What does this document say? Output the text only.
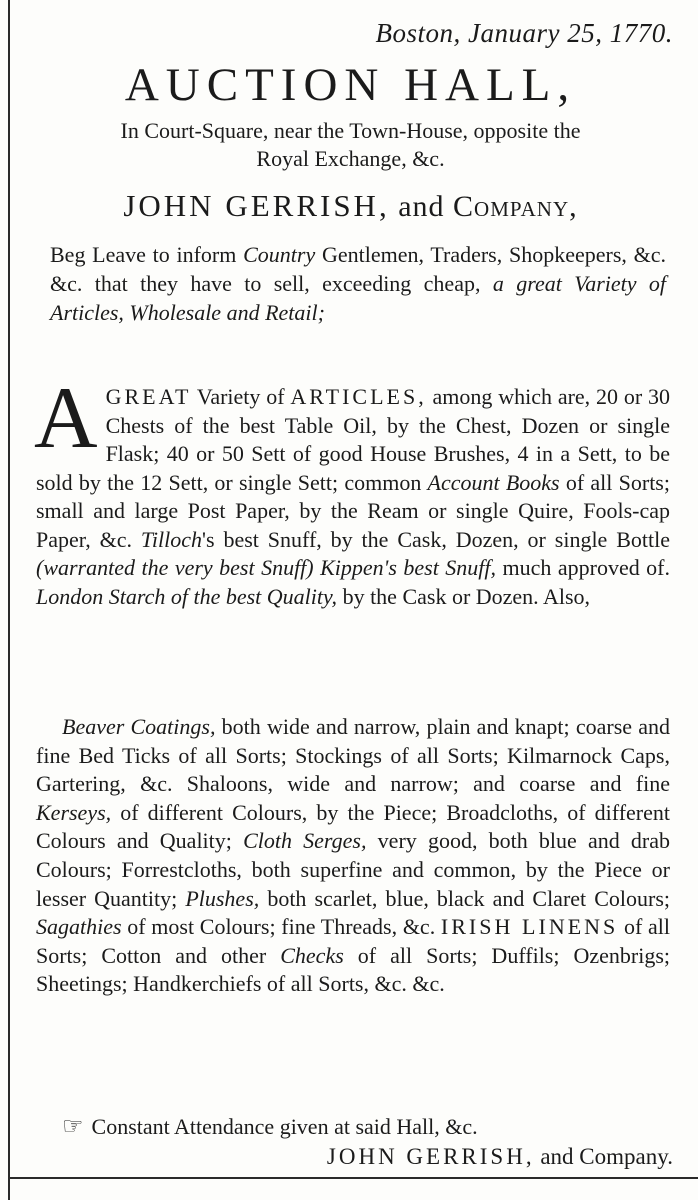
Boston, January 25, 1770.
AUCTION HALL,
In Court-Square, near the Town-House, opposite the
Royal Exchange, &c.
JOHN GERRISH, and Company,
Beg Leave to inform Country Gentlemen, Traders, Shopkeepers, &c. &c. that they have to sell, exceeding cheap, a great Variety of Articles, Wholesale and Retail;
A GREAT Variety of ARTICLES, among which are, 20 or 30 Chests of the best Table Oil, by the Chest, Dozen or single Flask; 40 or 50 Sett of good House Brushes, 4 in a Sett, to be sold by the 12 Sett, or single Sett; common Account Books of all Sorts; small and large Post Paper, by the Ream or single Quire, Fools-cap Paper, &c. Tilloch's best Snuff, by the Cask, Dozen, or single Bottle (warranted the very best Snuff) Kippen's best Snuff, much approved of. London Starch of the best Quality, by the Cask or Dozen. Also,
Beaver Coatings, both wide and narrow, plain and knapt; coarse and fine Bed Ticks of all Sorts; Stockings of all Sorts; Kilmarnock Caps, Gartering, &c. Shaloons, wide and narrow; and coarse and fine Kerseys, of different Colours, by the Piece; Broadcloths, of different Colours and Quality; Cloth Serges, very good, both blue and drab Colours; Forrestcloths, both superfine and common, by the Piece or lesser Quantity; Plushes, both scarlet, blue, black and Claret Colours; Sagathies of most Colours; fine Threads, &c. IRISH LINENS of all Sorts; Cotton and other Checks of all Sorts; Duffils; Ozenbrigs; Sheetings; Handkerchiefs of all Sorts, &c. &c.
☞ Constant Attendance given at said Hall, &c.
JOHN GERRISH, and Company.
